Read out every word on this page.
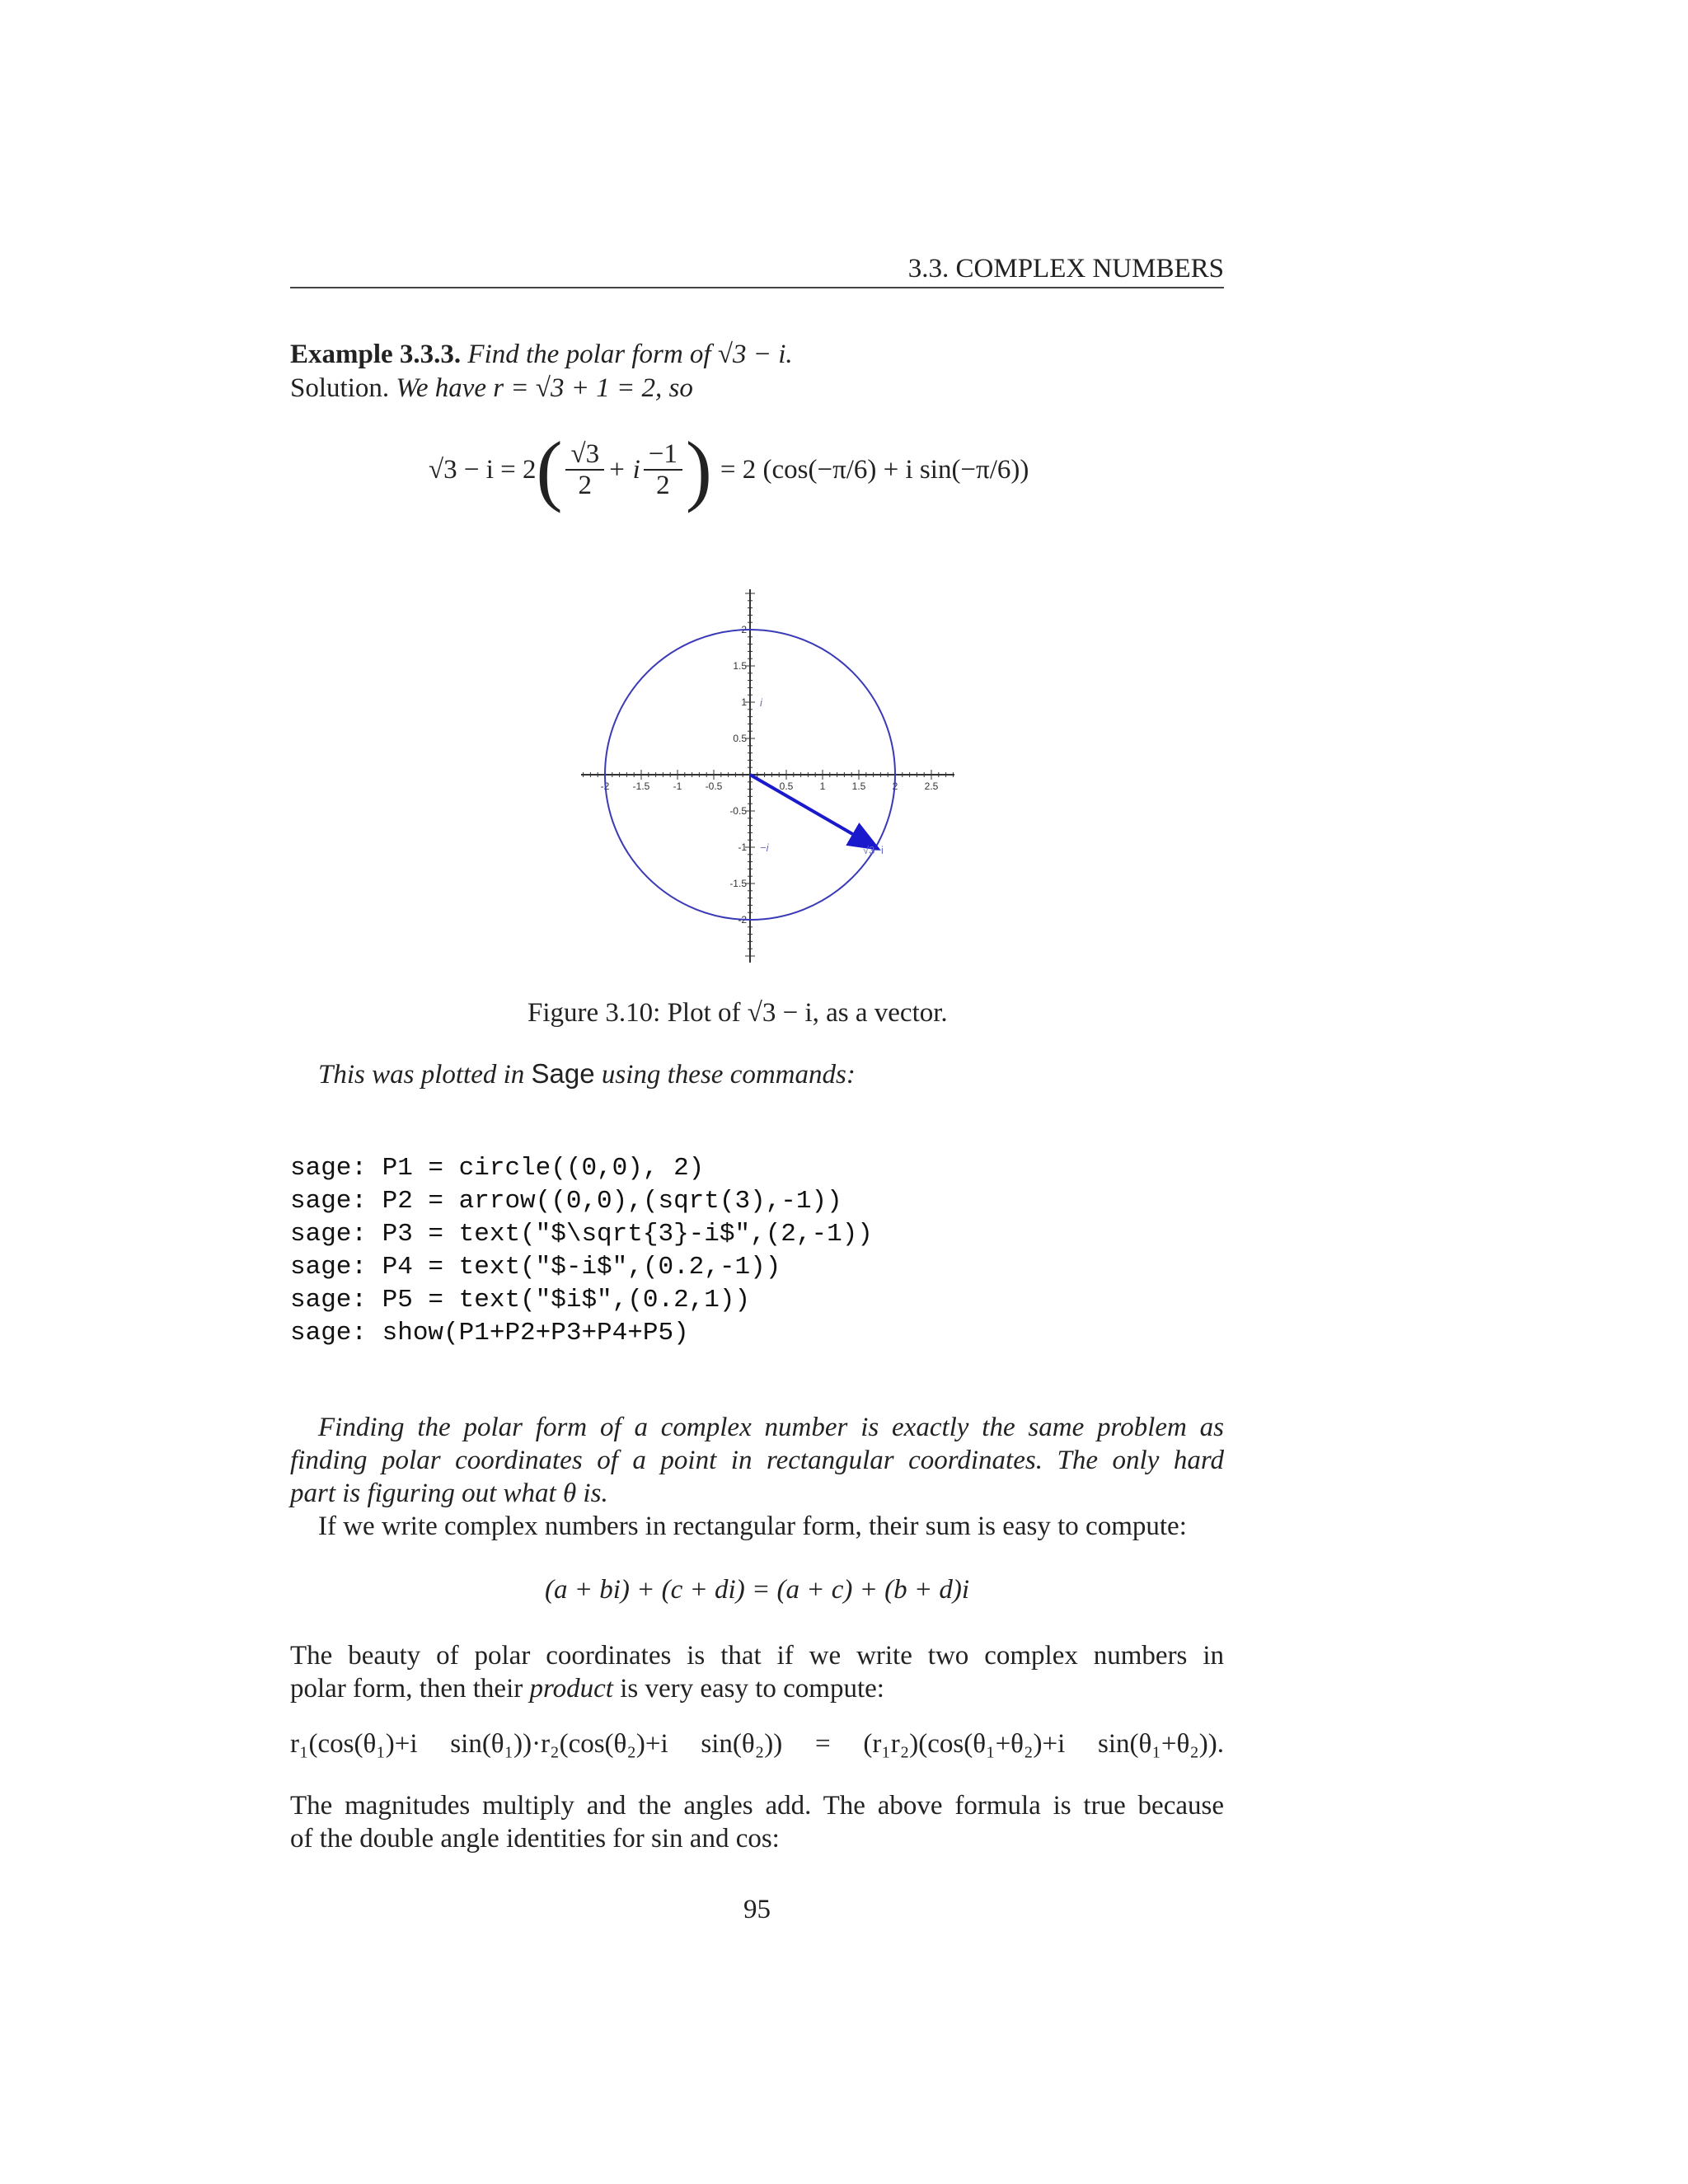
3.3. COMPLEX NUMBERS
Example 3.3.3. Find the polar form of √3 − i.
Solution. We have r = √3 + 1 = 2, so
√3 − i = 2 ( $\frac{√3}{2} + i \frac{-1}{2}$ ) = 2 (cos(−π/6) + i sin(−π/6))
-2 -1.5 -1 -0.5	0.5	1	1.5	2	2.5
2
1.5
1
0.5
-0.5
-1
-1.5
-2
i
−i	√3−i
Figure 3.10: Plot of √3 − i, as a vector.
This was plotted in Sage using these commands:
sage: P1 = circle((0,0), 2)
sage: P2 = arrow((0,0),(sqrt(3),-1))
sage: P3 = text("$\sqrt{3}-i$",(2,-1))
sage: P4 = text("$-i$",(0.2,-1))
sage: P5 = text("$i$",(0.2,1))
sage: show(P1+P2+P3+P4+P5)
Finding the polar form of a complex number is exactly the same problem as
finding polar coordinates of a point in rectangular coordinates. The only hard
part is figuring out what θ is.
If we write complex numbers in rectangular form, their sum is easy to compute:
(a + bi) + (c + di) = (a + c) + (b + d)i
The beauty of polar coordinates is that if we write two complex numbers in
polar form, then their product is very easy to compute:
r₁(cos(θ₁)+i sin(θ₁))·r₂(cos(θ₂)+i sin(θ₂)) = (r₁r₂)(cos(θ₁+θ₂)+i sin(θ₁+θ₂)).
The magnitudes multiply and the angles add. The above formula is true because
of the double angle identities for sin and cos:
95
